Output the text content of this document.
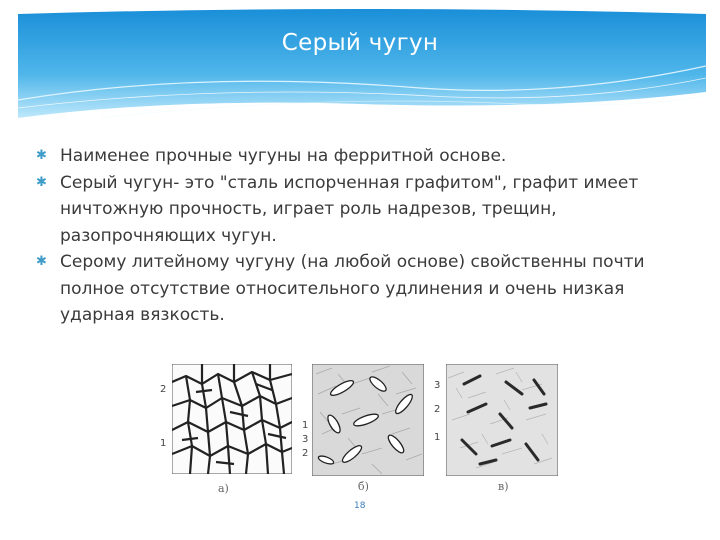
Серый чугун
✱ Наименее прочные чугуны на ферритной основе.
✱ Серый чугун- это "сталь испорченная графитом", графит имеет ничтожную прочность, играет роль надрезов, трещин, разопрочняющих чугун.
✱ Серому литейному чугуну (на любой основе) свойственны почти полное отсутствие относительного удлинения и очень низкая ударная вязкость.
2
1
а)
1
3
2
б)
3
2
1
в)
18
